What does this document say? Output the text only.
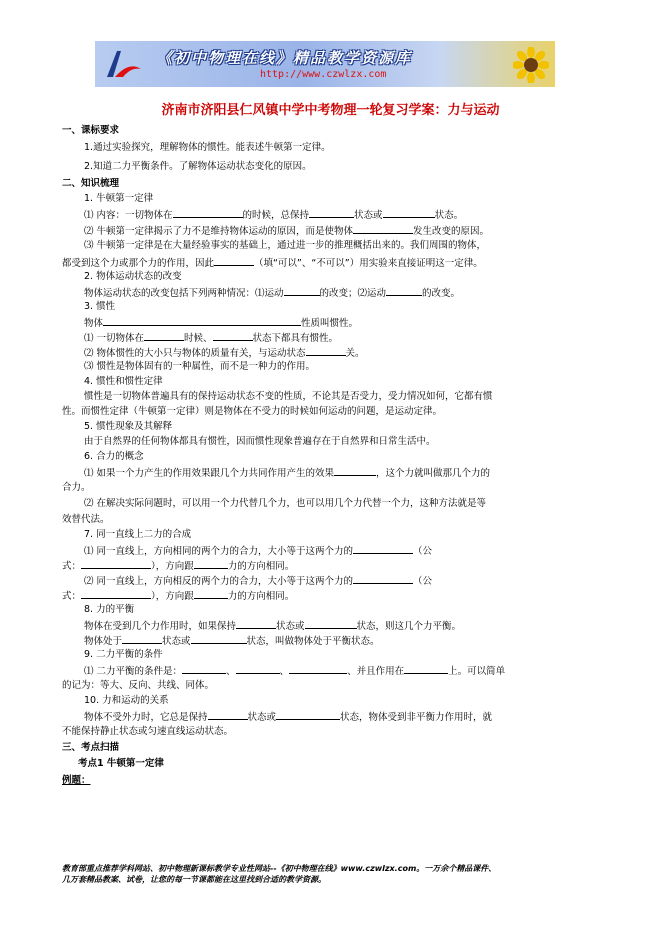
《初中物理在线》精品教学资源库
http://www.czwlzx.com
济南市济阳县仁风镇中学中考物理一轮复习学案：力与运动
一、课标要求
1.通过实验探究，理解物体的惯性。能表述牛顿第一定律。
2.知道二力平衡条件。了解物体运动状态变化的原因。
二、知识梳理
1. 牛顿第一定律
⑴ 内容：一切物体在	的时候，总保持	状态或	状态。
⑵ 牛顿第一定律揭示了力不是维持物体运动的原因，而是使物体	发生改变的原因。
⑶ 牛顿第一定律是在大量经验事实的基础上，通过进一步的推理概括出来的。我们周围的物体，
都受到这个力或那个力的作用，因此	（填“可以”、“不可以”）用实验来直接证明这一定律。
2. 物体运动状态的改变
物体运动状态的改变包括下列两种情况：⑴运动	的改变；⑵运动	的改变。
3. 惯性
物体	性质叫惯性。
⑴ 一切物体在	时候、	状态下都具有惯性。
⑵ 物体惯性的大小只与物体的质量有关，与运动状态	关。
⑶ 惯性是物体固有的一种属性，而不是一种力的作用。
4. 惯性和惯性定律
惯性是一切物体普遍具有的保持运动状态不变的性质，不论其是否受力，受力情况如何，它都有惯
性。而惯性定律（牛顿第一定律）则是物体在不受力的时候如何运动的问题，是运动定律。
5. 惯性现象及其解释
由于自然界的任何物体都具有惯性，因而惯性现象普遍存在于自然界和日常生活中。
6. 合力的概念
⑴ 如果一个力产生的作用效果跟几个力共同作用产生的效果	，这个力就叫做那几个力的
合力。
⑵ 在解决实际问题时，可以用一个力代替几个力，也可以用几个力代替一个力，这种方法就是等
效替代法。
7. 同一直线上二力的合成
⑴ 同一直线上，方向相同的两个力的合力，大小等于这两个力的	（公
式：	），方向跟	力的方向相同。
⑵ 同一直线上，方向相反的两个力的合力，大小等于这两个力的	（公
式：	），方向跟	力的方向相同。
8. 力的平衡
物体在受到几个力作用时，如果保持	状态或	状态，则这几个力平衡。
物体处于	状态或	状态，叫做物体处于平衡状态。
9. 二力平衡的条件
⑴ 二力平衡的条件是：	、	、	、并且作用在	上。可以简单
的记为：等大、反向、共线、同体。
10. 力和运动的关系
物体不受外力时，它总是保持	状态或	状态，物体受到非平衡力作用时，就
不能保持静止状态或匀速直线运动状态。
三、考点扫描
考点1 牛顿第一定律
例题：
教育部重点推荐学科网站、初中物理新课标教学专业性网站--《初中物理在线》www.czwlzx.com。一万余个精品课件、
几万套精品教案、试卷，让您的每一节课都能在这里找到合适的教学资源。
